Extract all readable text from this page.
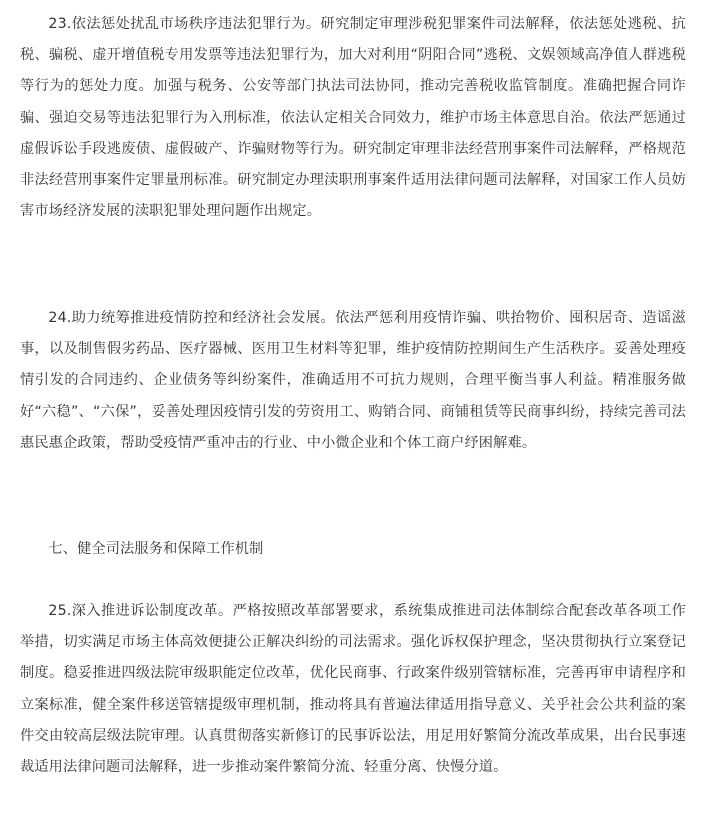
23.依法惩处扰乱市场秩序违法犯罪行为。研究制定审理涉税犯罪案件司法解释，依法惩处逃税、抗税、骗税、虚开增值税专用发票等违法犯罪行为，加大对利用“阴阳合同”逃税、文娱领域高净值人群逃税等行为的惩处力度。加强与税务、公安等部门执法司法协同，推动完善税收监管制度。准确把握合同诈骗、强迫交易等违法犯罪行为入刑标准，依法认定相关合同效力，维护市场主体意思自治。依法严惩通过虚假诉讼手段逃废债、虚假破产、诈骗财物等行为。研究制定审理非法经营刑事案件司法解释，严格规范非法经营刑事案件定罪量刑标准。研究制定办理渎职刑事案件适用法律问题司法解释，对国家工作人员妨害市场经济发展的渎职犯罪处理问题作出规定。

24.助力统筹推进疫情防控和经济社会发展。依法严惩利用疫情诈骗、哄抬物价、囤积居奇、造谣滋事，以及制售假劣药品、医疗器械、医用卫生材料等犯罪，维护疫情防控期间生产生活秩序。妥善处理疫情引发的合同违约、企业债务等纠纷案件，准确适用不可抗力规则，合理平衡当事人利益。精准服务做好“六稳”、“六保”，妥善处理因疫情引发的劳资用工、购销合同、商铺租赁等民商事纠纷，持续完善司法惠民惠企政策，帮助受疫情严重冲击的行业、中小微企业和个体工商户纾困解难。

七、健全司法服务和保障工作机制

25.深入推进诉讼制度改革。严格按照改革部署要求，系统集成推进司法体制综合配套改革各项工作举措，切实满足市场主体高效便捷公正解决纠纷的司法需求。强化诉权保护理念，坚决贯彻执行立案登记制度。稳妥推进四级法院审级职能定位改革，优化民商事、行政案件级别管辖标准，完善再审申请程序和立案标准，健全案件移送管辖提级审理机制，推动将具有普遍法律适用指导意义、关乎社会公共利益的案件交由较高层级法院审理。认真贯彻落实新修订的民事诉讼法，用足用好繁简分流改革成果，出台民事速裁适用法律问题司法解释，进一步推动案件繁简分流、轻重分离、快慢分道。
